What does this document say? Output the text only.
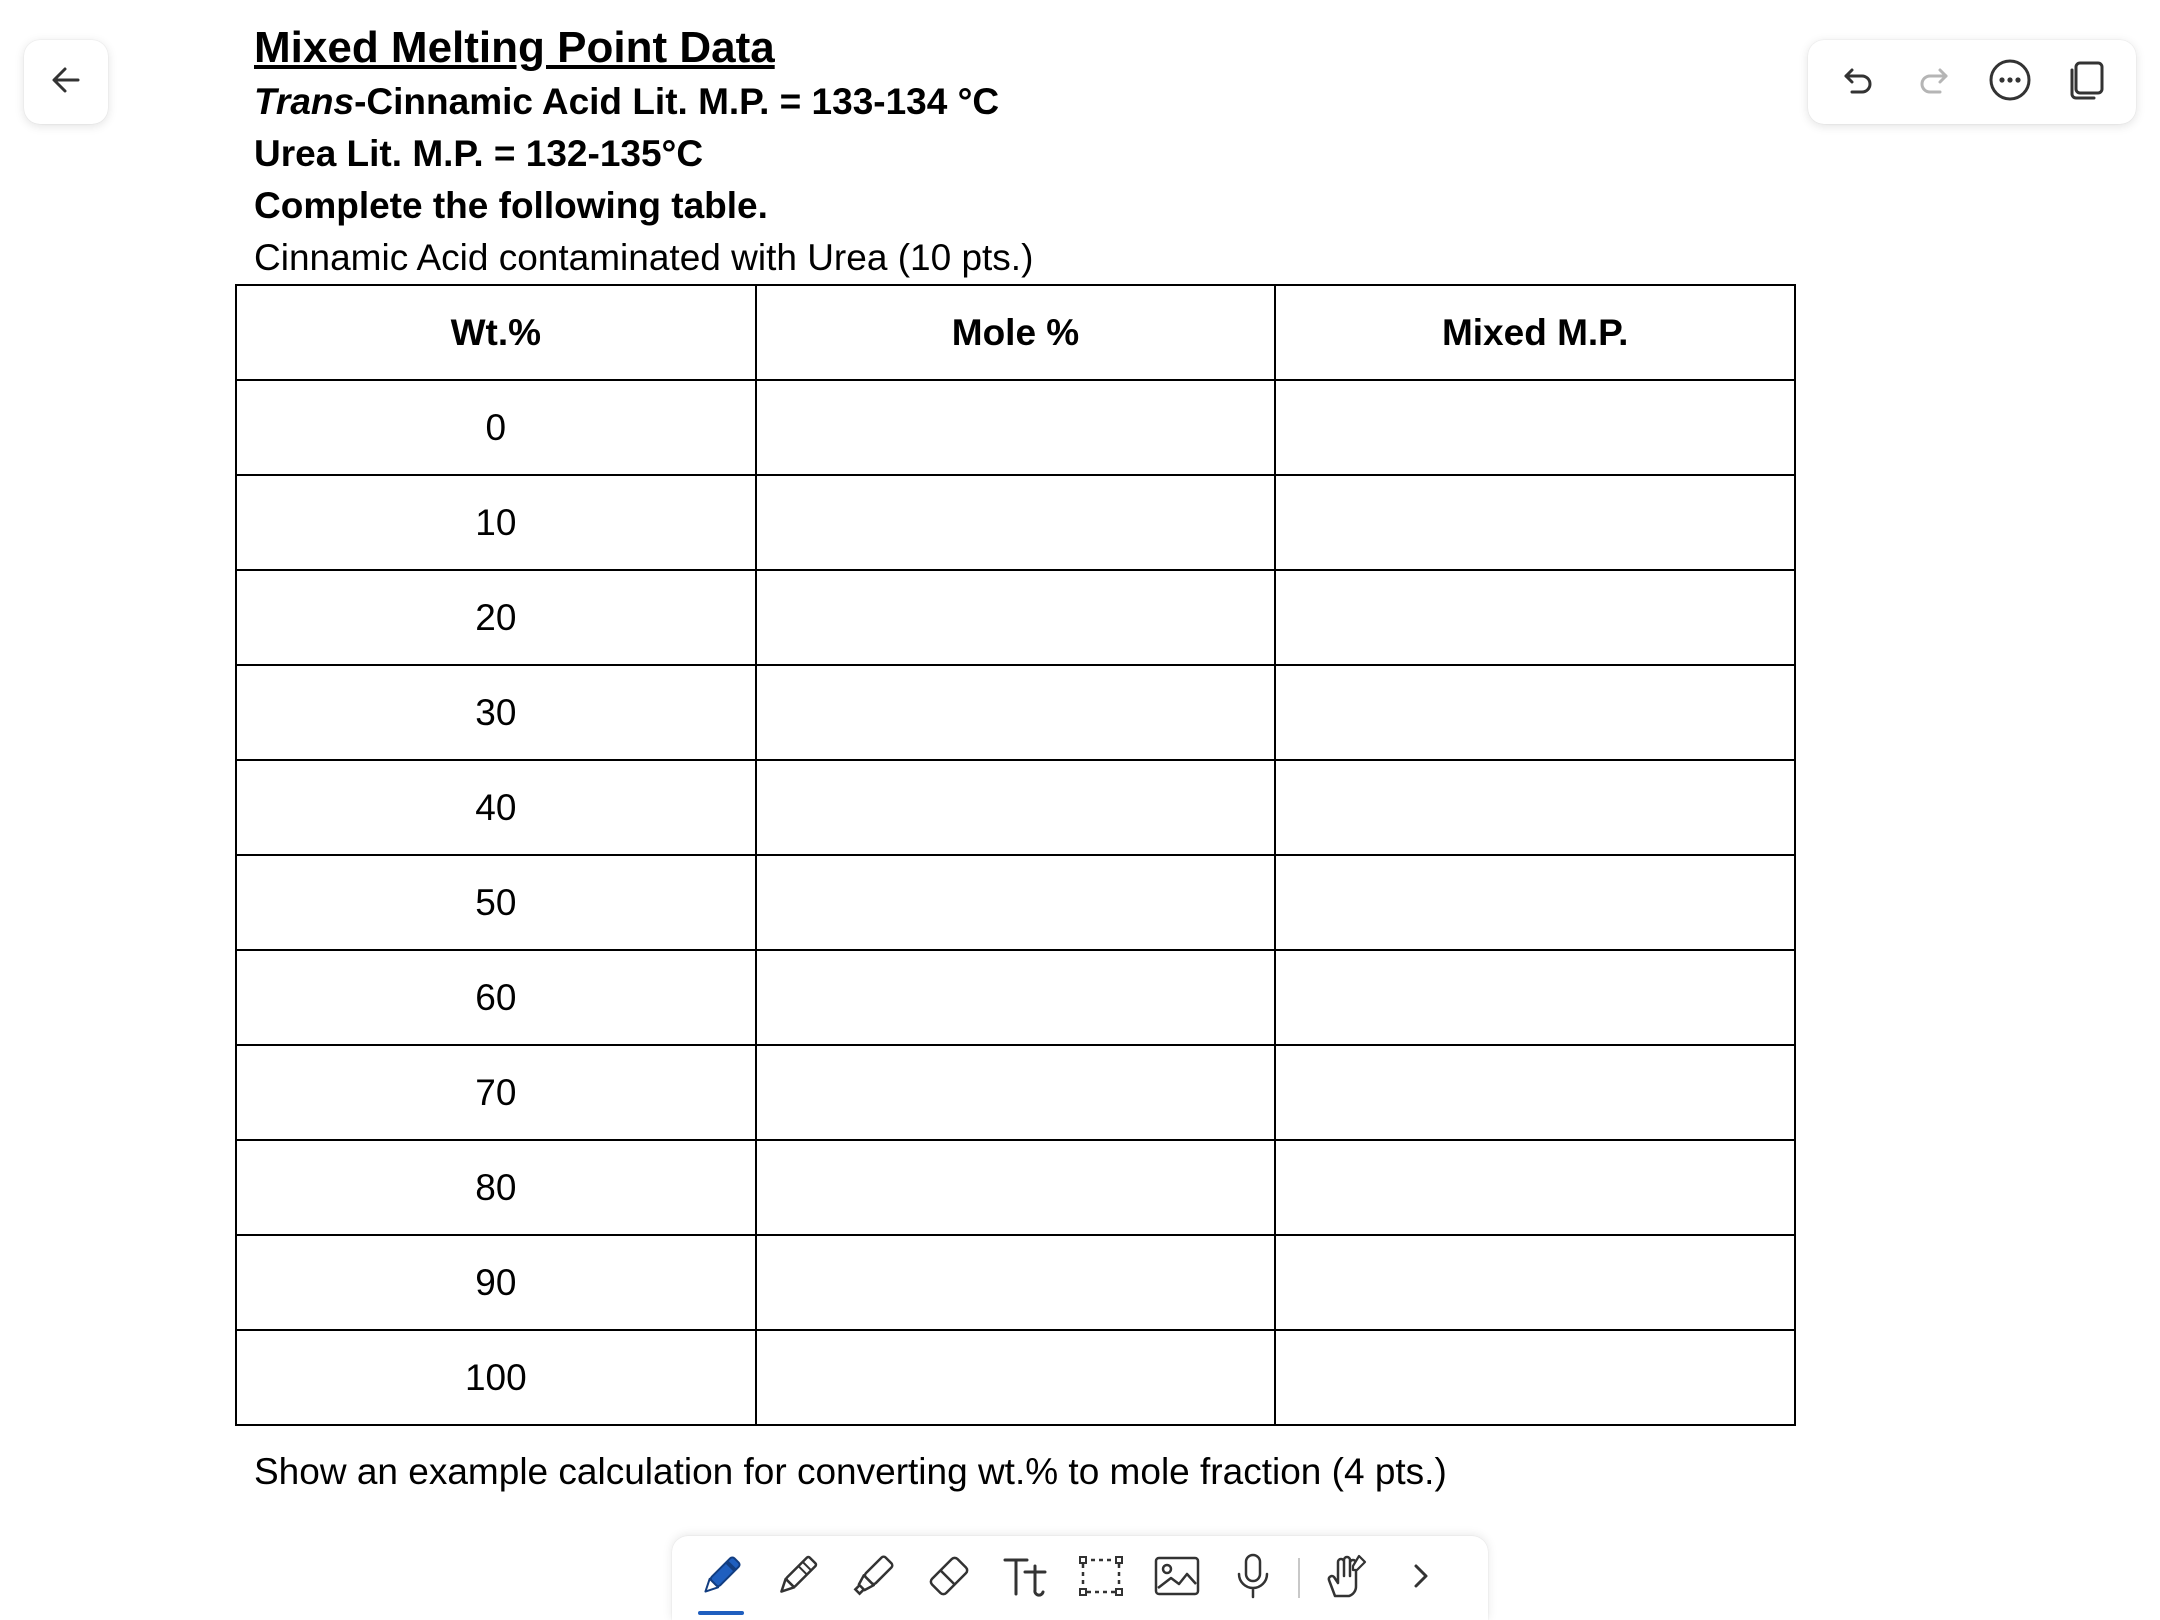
Mixed Melting Point Data

Trans-Cinnamic Acid Lit. M.P. = 133-134 °C

Urea Lit. M.P. = 132-135°C

Complete the following table.

Cinnamic Acid contaminated with Urea (10 pts.)

Wt.%	Mole %	Mixed M.P.
0		
10		
20		
30		
40		
50		
60		
70		
80		
90		
100		
Show an example calculation for converting wt.% to mole fraction (4 pts.)
